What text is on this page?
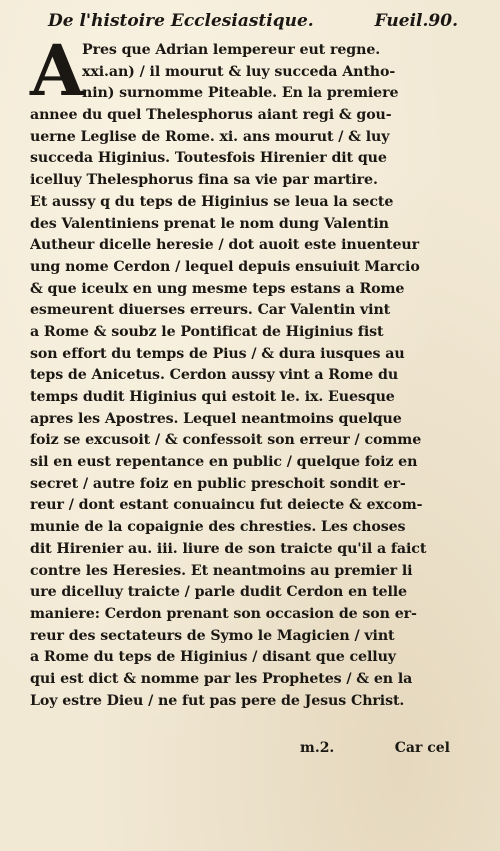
De l'histoire Ecclesiastique.	Fueil.90.
A
Pres que Adrian lempereur eut regne.
xxi.an) / il mourut & luy succeda Antho-
nin) surnomme Piteable. En la premiere
annee du quel Thelesphorus aiant regi & gou-
uerne Leglise de Rome. xi. ans mourut / & luy
succeda Higinius. Toutesfois Hirenier dit que
icelluy Thelesphorus fina sa vie par martire.
Et aussy q du teps de Higinius se leua la secte
des Valentiniens prenat le nom dung Valentin
Autheur dicelle heresie / dot auoit este inuenteur
ung nome Cerdon / lequel depuis ensuiuit Marcio
& que iceulx en ung mesme teps estans a Rome
esmeurent diuerses erreurs. Car Valentin vint
a Rome & soubz le Pontificat de Higinius fist
son effort du temps de Pius / & dura iusques au
teps de Anicetus. Cerdon aussy vint a Rome du
temps dudit Higinius qui estoit le. ix. Euesque
apres les Apostres. Lequel neantmoins quelque
foiz se excusoit / & confessoit son erreur / comme
sil en eust repentance en public / quelque foiz en
secret / autre foiz en public preschoit sondit er-
reur / dont estant conuaincu fut deiecte & excom-
munie de la copaignie des chresties. Les choses
dit Hirenier au. iii. liure de son traicte qu'il a faict
contre les Heresies. Et neantmoins au premier li
ure dicelluy traicte / parle dudit Cerdon en telle
maniere: Cerdon prenant son occasion de son er-
reur des sectateurs de Symo le Magicien / vint
a Rome du teps de Higinius / disant que celluy
qui est dict & nomme par les Prophetes / & en la
Loy estre Dieu / ne fut pas pere de Jesus Christ.
m.2.	Car cel
